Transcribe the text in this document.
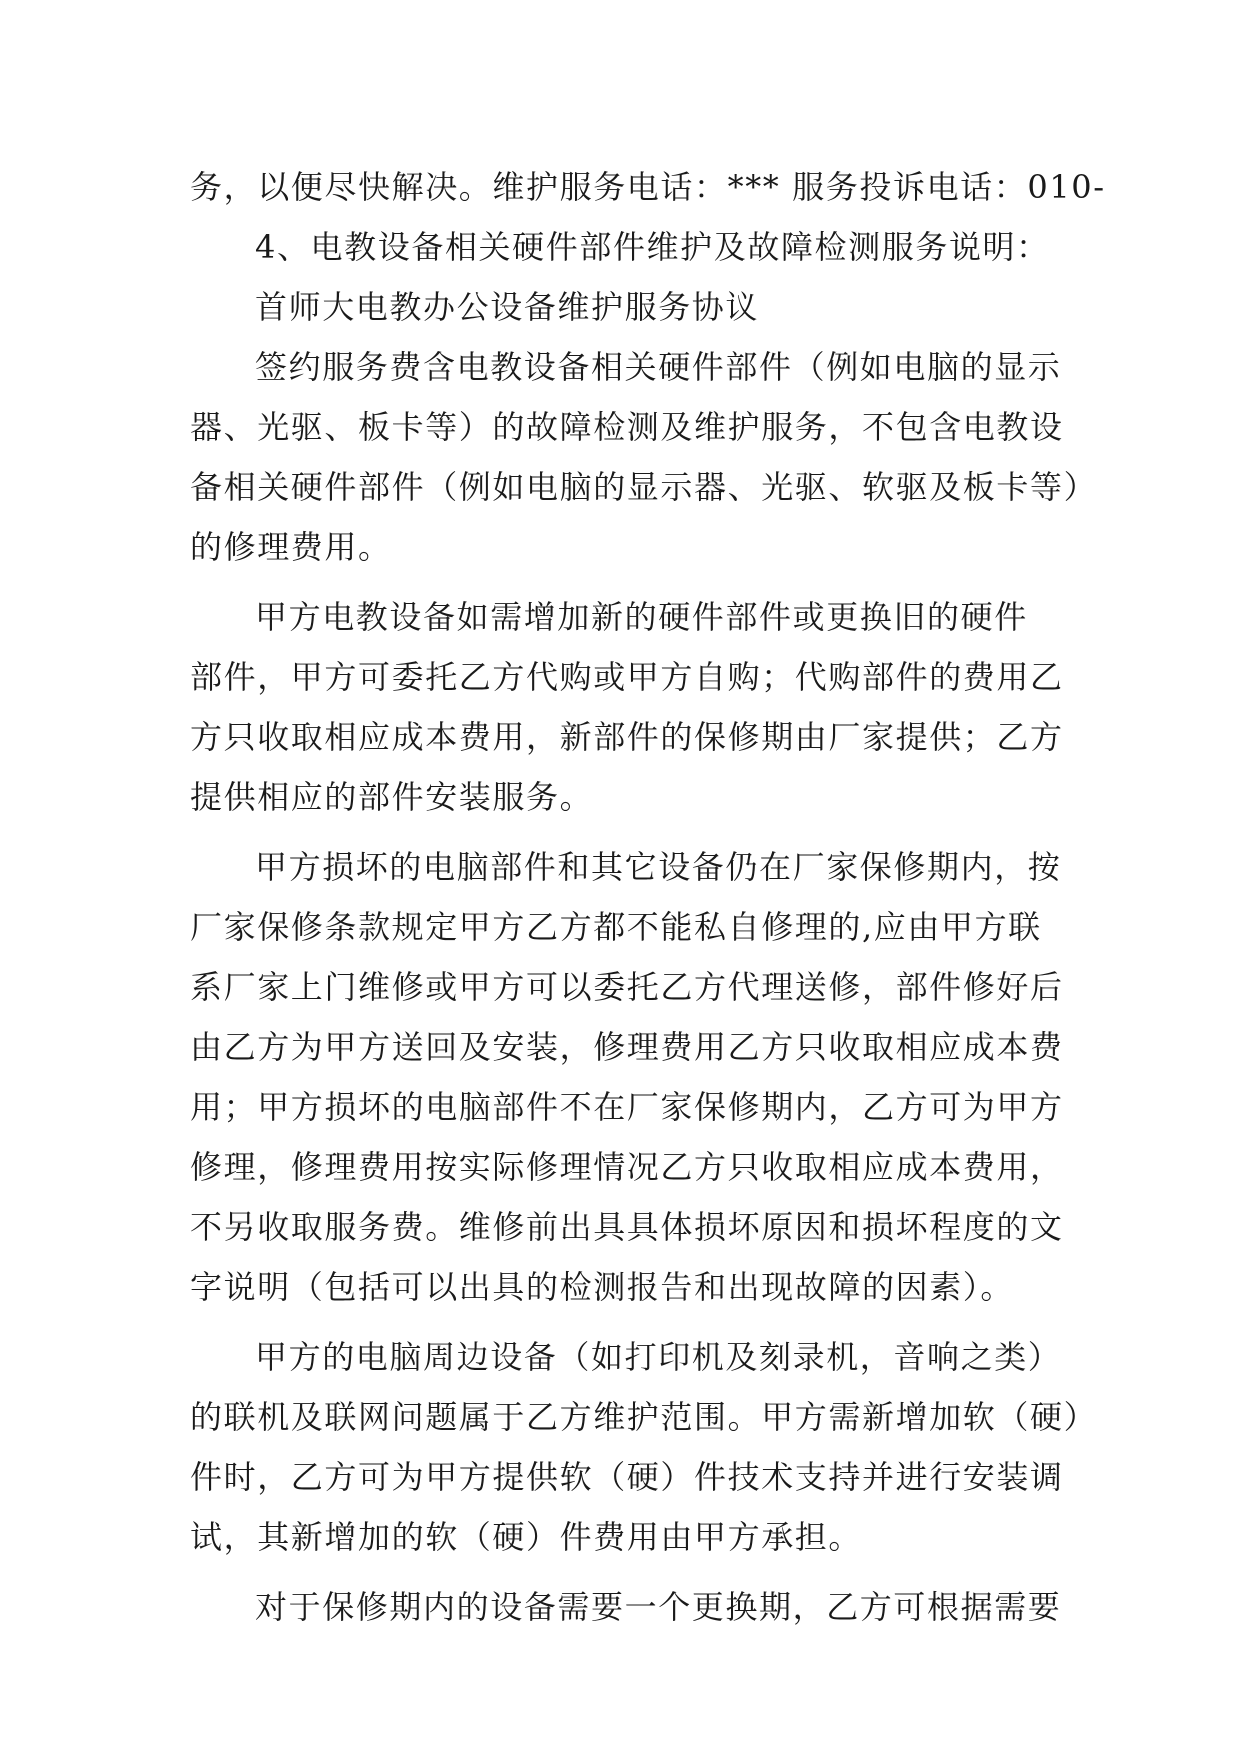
务，以便尽快解决。维护服务电话：*** 服务投诉电话：010-
4、电教设备相关硬件部件维护及故障检测服务说明：
首师大电教办公设备维护服务协议
签约服务费含电教设备相关硬件部件（例如电脑的显示
器、光驱、板卡等）的故障检测及维护服务，不包含电教设
备相关硬件部件（例如电脑的显示器、光驱、软驱及板卡等）
的修理费用。
甲方电教设备如需增加新的硬件部件或更换旧的硬件
部件，甲方可委托乙方代购或甲方自购；代购部件的费用乙
方只收取相应成本费用，新部件的保修期由厂家提供；乙方
提供相应的部件安装服务。
甲方损坏的电脑部件和其它设备仍在厂家保修期内，按
厂家保修条款规定甲方乙方都不能私自修理的,应由甲方联
系厂家上门维修或甲方可以委托乙方代理送修，部件修好后
由乙方为甲方送回及安装，修理费用乙方只收取相应成本费
用；甲方损坏的电脑部件不在厂家保修期内，乙方可为甲方
修理，修理费用按实际修理情况乙方只收取相应成本费用，
不另收取服务费。维修前出具具体损坏原因和损坏程度的文
字说明（包括可以出具的检测报告和出现故障的因素）。
甲方的电脑周边设备（如打印机及刻录机，音响之类）
的联机及联网问题属于乙方维护范围。甲方需新增加软（硬）
件时，乙方可为甲方提供软（硬）件技术支持并进行安装调
试，其新增加的软（硬）件费用由甲方承担。
对于保修期内的设备需要一个更换期，乙方可根据需要
